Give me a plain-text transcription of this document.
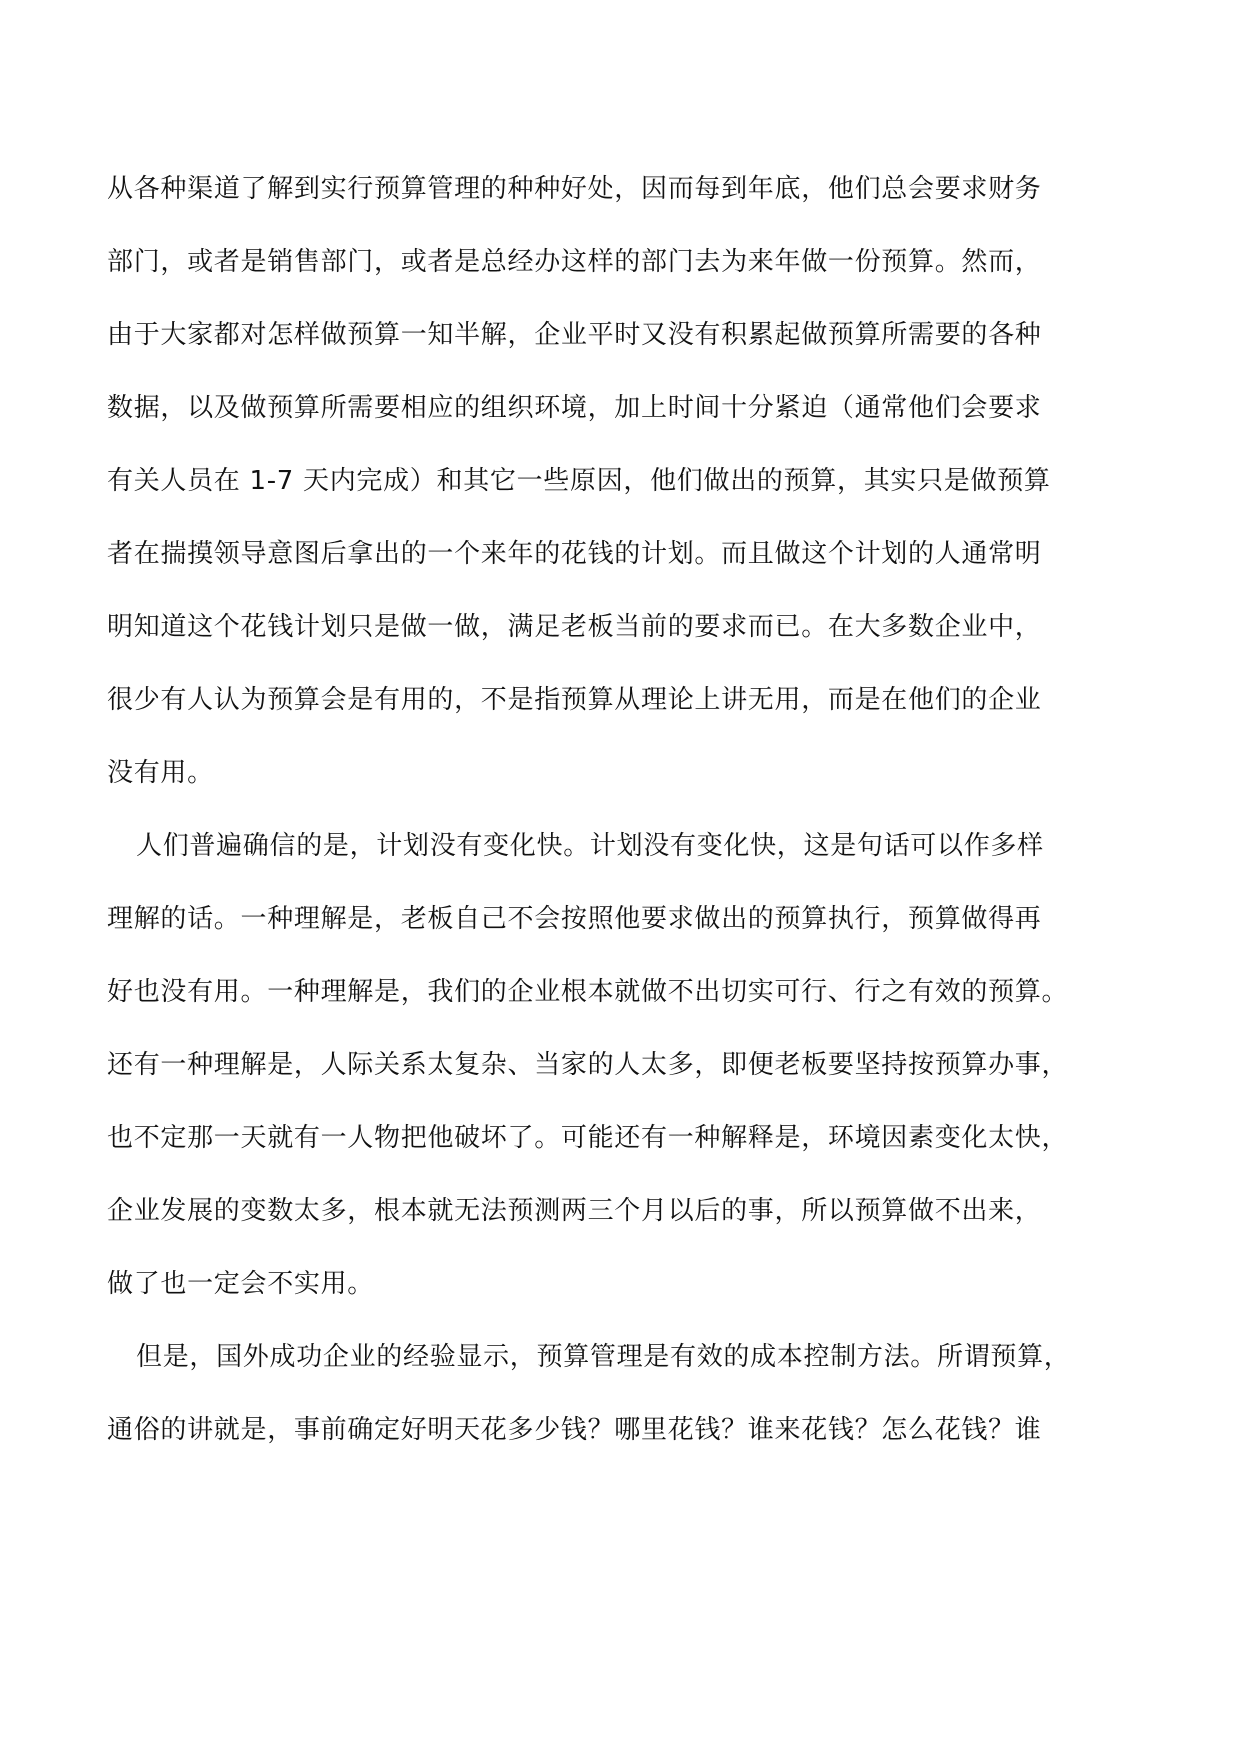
从各种渠道了解到实行预算管理的种种好处，因而每到年底，他们总会要求财务
部门，或者是销售部门，或者是总经办这样的部门去为来年做一份预算。然而，
由于大家都对怎样做预算一知半解，企业平时又没有积累起做预算所需要的各种
数据，以及做预算所需要相应的组织环境，加上时间十分紧迫（通常他们会要求
有关人员在 1-7 天内完成）和其它一些原因，他们做出的预算，其实只是做预算
者在揣摸领导意图后拿出的一个来年的花钱的计划。而且做这个计划的人通常明
明知道这个花钱计划只是做一做，满足老板当前的要求而已。在大多数企业中，
很少有人认为预算会是有用的，不是指预算从理论上讲无用，而是在他们的企业
没有用。
人们普遍确信的是，计划没有变化快。计划没有变化快，这是句话可以作多样
理解的话。一种理解是，老板自己不会按照他要求做出的预算执行，预算做得再
好也没有用。一种理解是，我们的企业根本就做不出切实可行、行之有效的预算。
还有一种理解是，人际关系太复杂、当家的人太多，即便老板要坚持按预算办事，
也不定那一天就有一人物把他破坏了。可能还有一种解释是，环境因素变化太快，
企业发展的变数太多，根本就无法预测两三个月以后的事，所以预算做不出来，
做了也一定会不实用。
但是，国外成功企业的经验显示，预算管理是有效的成本控制方法。所谓预算，
通俗的讲就是，事前确定好明天花多少钱？哪里花钱？谁来花钱？怎么花钱？谁
